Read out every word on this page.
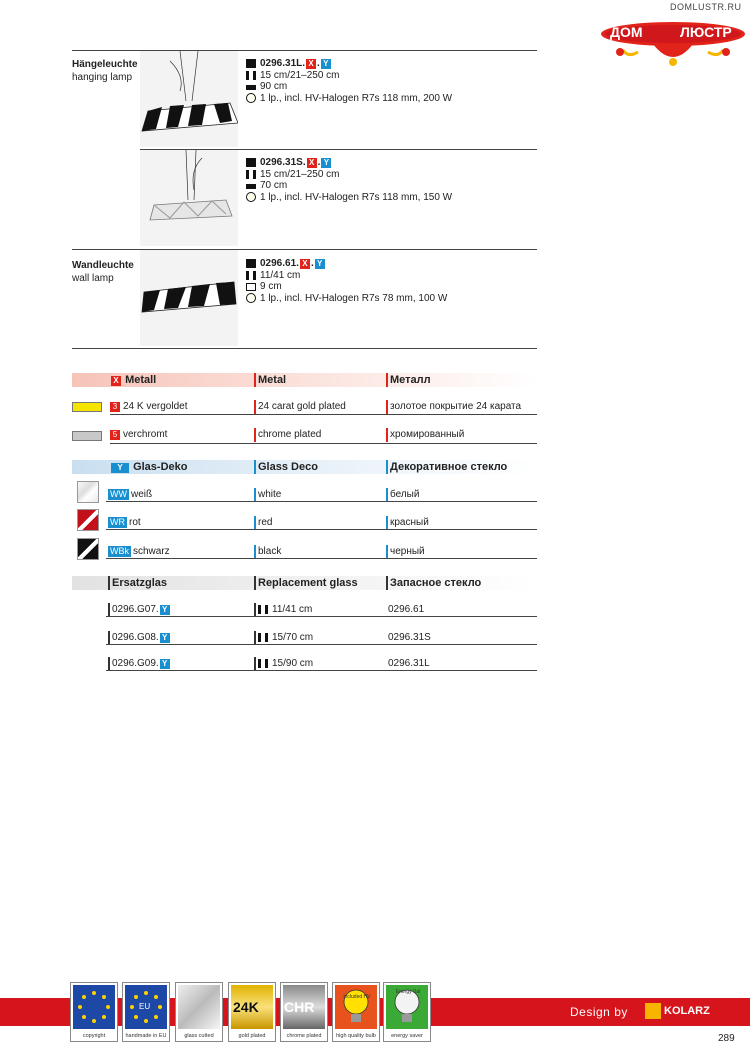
DOMLUSTR.RU
ДОМ	ЛЮСТР
Hängeleuchte
hanging lamp
0296.31L. X . Y
15 cm/21–250 cm
90 cm
1 lp., incl. HV-Halogen R7s 118 mm, 200 W
0296.31S. X . Y
15 cm/21–250 cm
70 cm
1 lp., incl. HV-Halogen R7s 118 mm, 150 W
Wandleuchte
wall lamp
0296.61. X . Y
11/41 cm
9 cm
1 lp., incl. HV-Halogen R7s 78 mm, 100 W
X Metall	Metal	Металл
3 24 K vergoldet	24 carat gold plated	золотое покрытие 24 карата
5 verchromt	chrome plated	хромированный
Y Glas-Deko	Glass Deco	Декоративное стекло
WW weiß	white	белый
WR rot	red	красный
WBk schwarz	black	черный
Ersatzglas	Replacement glass	Запасное стекло
0296.G07. Y	11/41 cm	0296.61
0296.G08. Y	15/70 cm	0296.31S
0296.G09. Y	15/90 cm	0296.31L
Design by	KOLARZ
289
copyright
EU
handmade in EU	glass cutted
24K
gold plated
CHR
chrome plated
included HV
high quality bulb
Energy Sal
energy saver
